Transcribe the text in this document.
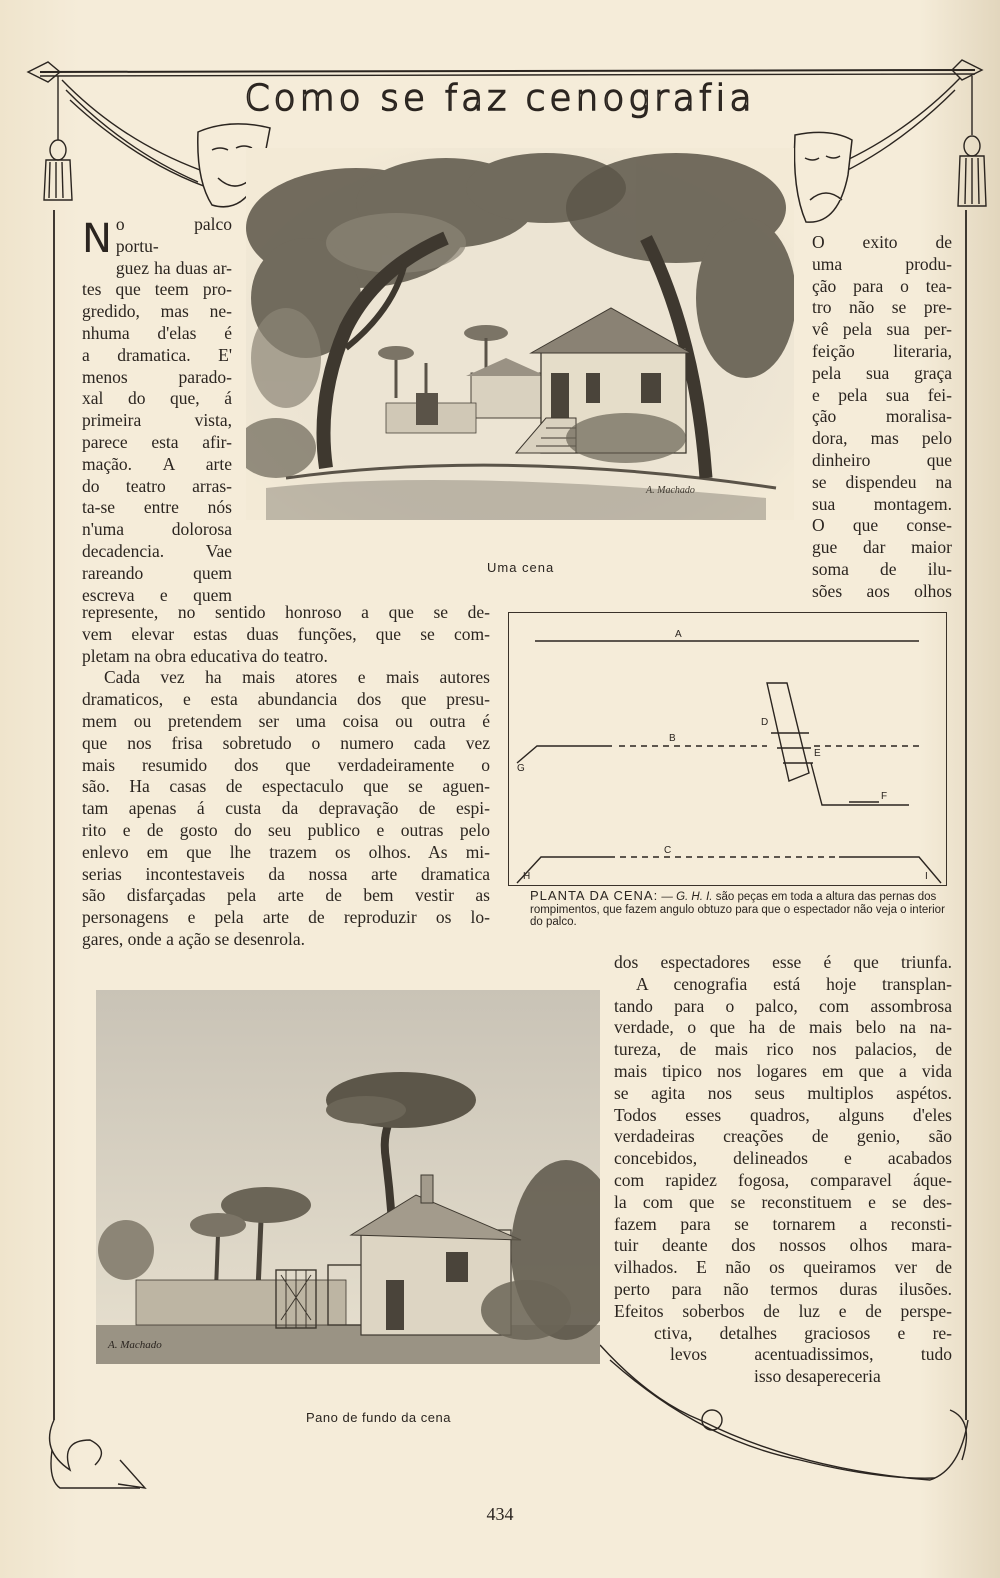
Como se faz cenografia
A. Machado
Uma cena
N o palco
portu-
guez ha duas ar-
tes que teem pro-
gredido, mas ne-
nhuma d'elas é
a dramatica. E'
menos parado-
xal do que, á
primeira vista,
parece esta afir-
mação. A arte
do teatro arras-
ta-se entre nós
n'uma dolorosa
decadencia. Vae
rareando quem
escreva e quem
O exito de
uma produ-
ção para o tea-
tro não se pre-
vê pela sua per-
feição literaria,
pela sua graça
e pela sua fei-
ção moralisa-
dora, mas pelo
dinheiro que
se dispendeu na
sua montagem.
O que conse-
gue dar maior
soma de ilu-
sões aos olhos
represente, no sentido honroso a que se de-
vem elevar estas duas funções, que se com-
pletam na obra educativa do teatro.
Cada vez ha mais atores e mais autores
dramaticos, e esta abundancia dos que presu-
mem ou pretendem ser uma coisa ou outra é
que nos frisa sobretudo o numero cada vez
mais resumido dos que verdadeiramente o
são. Ha casas de espectaculo que se aguen-
tam apenas á custa da depravação de espi-
rito e de gosto do seu publico e outras pelo
enlevo em que lhe trazem os olhos. As mi-
serias incontestaveis da nossa arte dramatica
são disfarçadas pela arte de bem vestir as
personagens e pela arte de reproduzir os lo-
gares, onde a ação se desenrola.
A
B
C
D
E
F
G
H	I
PLANTA DA CENA: — G. H. I. são peças em toda a altura das pernas dos rompimentos, que fazem angulo obtuzo para que o espectador não veja o interior do palco.
dos espectadores esse é que triunfa.
A cenografia está hoje transplan-
tando para o palco, com assombrosa
verdade, o que ha de mais belo na na-
tureza, de mais rico nos palacios, de
mais tipico nos logares em que a vida
se agita nos seus multiplos aspétos.
Todos esses quadros, alguns d'eles
verdadeiras creações de genio, são
concebidos, delineados e acabados
com rapidez fogosa, comparavel áque-
la com que se reconstituem e se des-
fazem para se tornarem a reconsti-
tuir deante dos nossos olhos mara-
vilhados. E não os queiramos ver de
perto para não termos duras ilusões.
Efeitos soberbos de luz e de perspe-
ctiva, detalhes graciosos e re-
levos acentuadissimos, tudo
isso desapereceria
A. Machado
Pano de fundo da cena
434
